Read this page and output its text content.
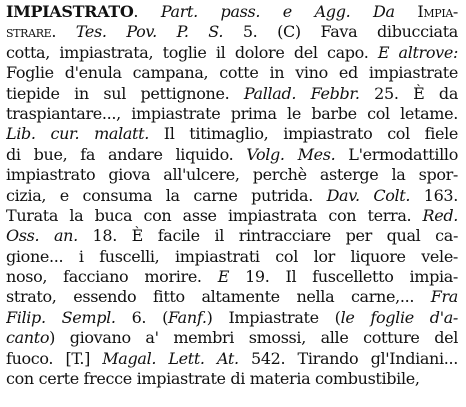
IMPIASTRATO. Part. pass. e Agg. Da Impia-
strare. Tes. Pov. P. S. 5. (C) Fava dibucciata
cotta, impiastrata, toglie il dolore del capo. E altrove:
Foglie d'enula campana, cotte in vino ed impiastrate
tiepide in sul pettignone. Pallad. Febbr. 25. È da
traspiantare..., impiastrate prima le barbe col letame.
Lib. cur. malatt. Il titimaglio, impiastrato col fiele
di bue, fa andare liquido. Volg. Mes. L'ermodattillo
impiastrato giova all'ulcere, perchè asterge la spor-
cizia, e consuma la carne putrida. Dav. Colt. 163.
Turata la buca con asse impiastrata con terra. Red.
Oss. an. 18. È facile il rintracciare per qual ca-
gione... i fuscelli, impiastrati col lor liquore vele-
noso, facciano morire. E 19. Il fuscelletto impia-
strato, essendo fitto altamente nella carne,... Fra
Filip. Sempl. 6. (Fanf.) Impiastrate (le foglie d'a-
canto) giovano a' membri smossi, alle cotture del
fuoco. [T.] Magal. Lett. At. 542. Tirando gl'Indiani...
con certe frecce impiastrate di materia combustibile,
